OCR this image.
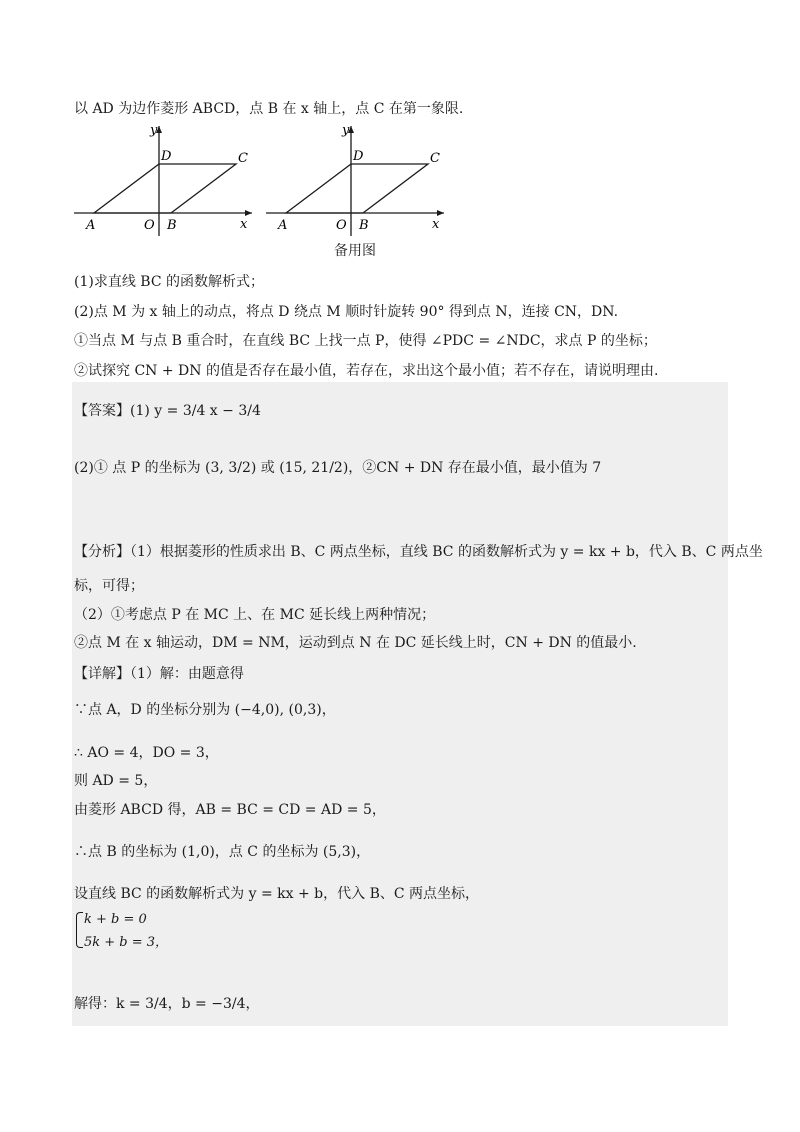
以 AD 为边作菱形 ABCD，点 B 在 x 轴上，点 C 在第一象限.
y
x
A	O B
D	C
y
x
A	O B
D	C
备用图
(1)求直线 BC 的函数解析式；
(2)点 M 为 x 轴上的动点，将点 D 绕点 M 顺时针旋转 90° 得到点 N，连接 CN，DN.
①当点 M 与点 B 重合时，在直线 BC 上找一点 P，使得 ∠PDC = ∠NDC，求点 P 的坐标；
②试探究 CN + DN 的值是否存在最小值，若存在，求出这个最小值；若不存在，请说明理由.
【答案】(1) y = 3/4 x − 3/4
(2)① 点 P 的坐标为 (3, 3/2) 或 (15, 21/2)，②CN + DN 存在最小值，最小值为 7
【分析】（1）根据菱形的性质求出 B、C 两点坐标，直线 BC 的函数解析式为 y = kx + b，代入 B、C 两点坐
标，可得；
（2）①考虑点 P 在 MC 上、在 MC 延长线上两种情况；
②点 M 在 x 轴运动，DM = NM，运动到点 N 在 DC 延长线上时，CN + DN 的值最小.
【详解】（1）解：由题意得
∵点 A，D 的坐标分别为 (−4,0), (0,3)，
∴ AO = 4，DO = 3，
则 AD = 5，
由菱形 ABCD 得，AB = BC = CD = AD = 5，
∴点 B 的坐标为 (1,0)，点 C 的坐标为 (5,3)，
设直线 BC 的函数解析式为 y = kx + b，代入 B、C 两点坐标，
k + b = 0
5k + b = 3，
解得：k = 3/4，b = −3/4，
